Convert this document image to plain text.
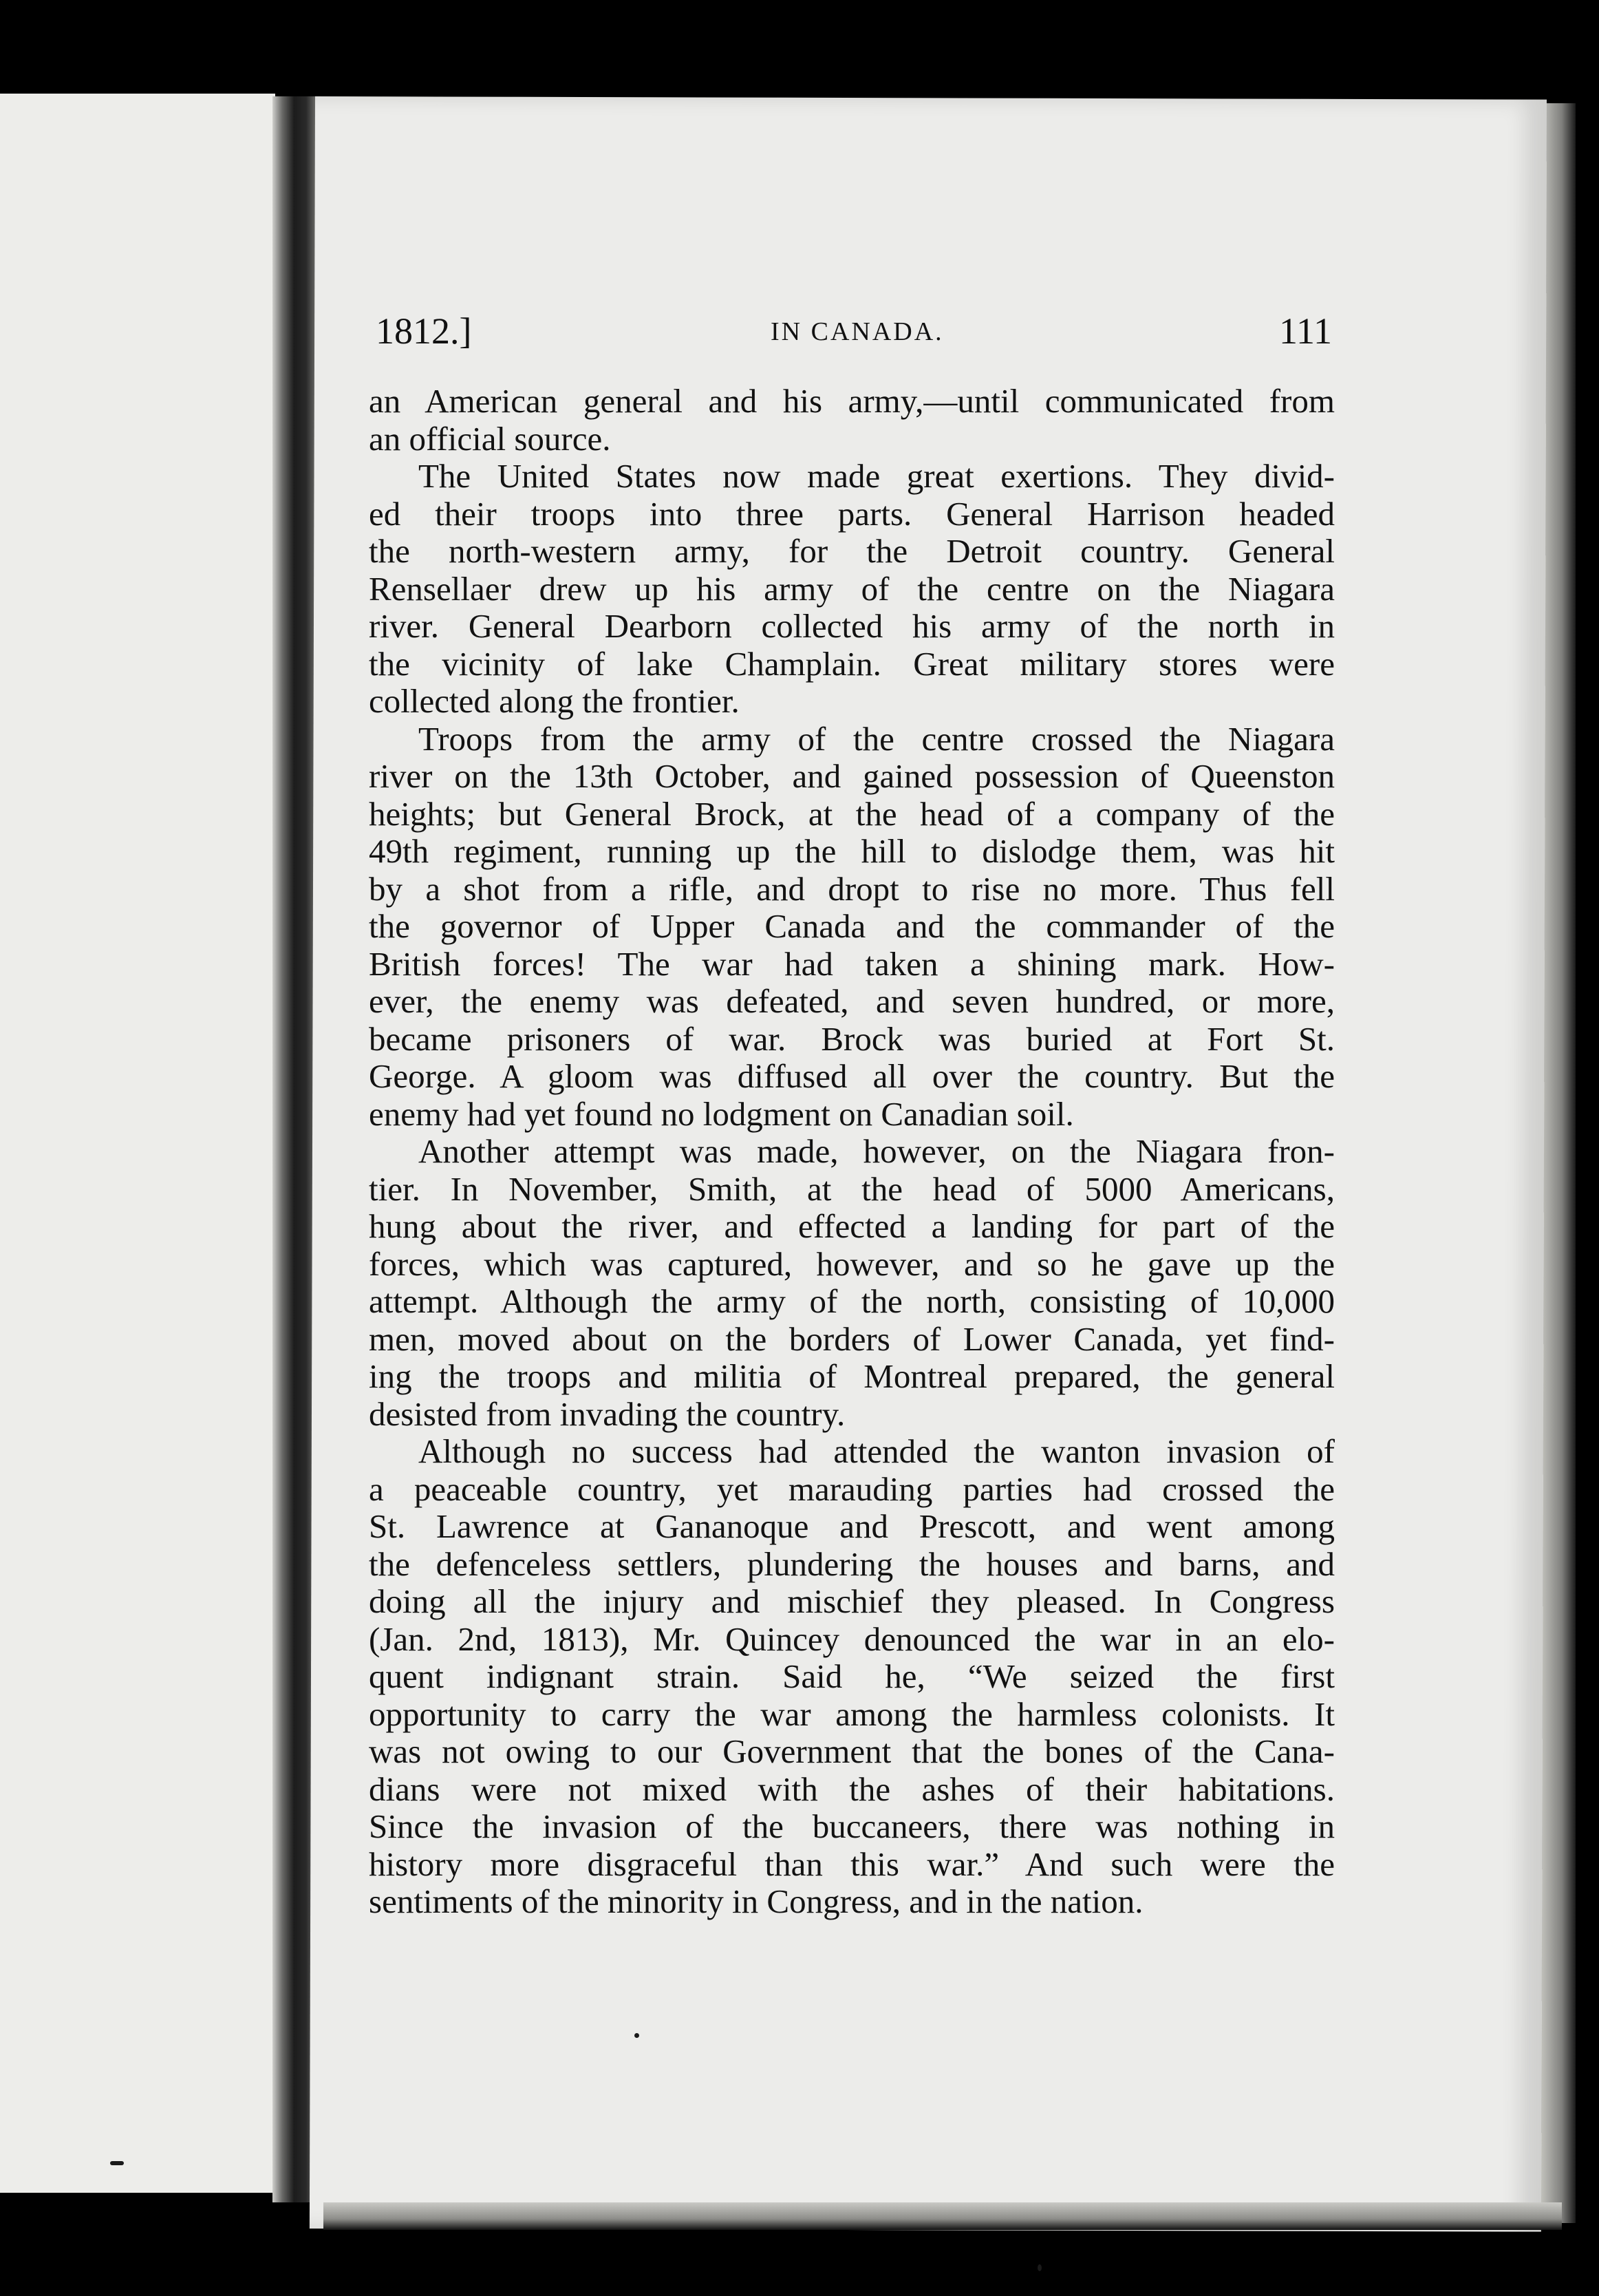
1812.]	IN CANADA.	111
an American general and his army,—until communicated from
an official source.
The United States now made great exertions. They divid-
ed their troops into three parts. General Harrison headed
the north-western army, for the Detroit country. General
Rensellaer drew up his army of the centre on the Niagara
river. General Dearborn collected his army of the north in
the vicinity of lake Champlain. Great military stores were
collected along the frontier.
Troops from the army of the centre crossed the Niagara
river on the 13th October, and gained possession of Queenston
heights; but General Brock, at the head of a company of the
49th regiment, running up the hill to dislodge them, was hit
by a shot from a rifle, and dropt to rise no more. Thus fell
the governor of Upper Canada and the commander of the
British forces! The war had taken a shining mark. How-
ever, the enemy was defeated, and seven hundred, or more,
became prisoners of war. Brock was buried at Fort St.
George. A gloom was diffused all over the country. But the
enemy had yet found no lodgment on Canadian soil.
Another attempt was made, however, on the Niagara fron-
tier. In November, Smith, at the head of 5000 Americans,
hung about the river, and effected a landing for part of the
forces, which was captured, however, and so he gave up the
attempt. Although the army of the north, consisting of 10,000
men, moved about on the borders of Lower Canada, yet find-
ing the troops and militia of Montreal prepared, the general
desisted from invading the country.
Although no success had attended the wanton invasion of
a peaceable country, yet marauding parties had crossed the
St. Lawrence at Gananoque and Prescott, and went among
the defenceless settlers, plundering the houses and barns, and
doing all the injury and mischief they pleased. In Congress
(Jan. 2nd, 1813), Mr. Quincey denounced the war in an elo-
quent indignant strain. Said he, “We seized the first
opportunity to carry the war among the harmless colonists. It
was not owing to our Government that the bones of the Cana-
dians were not mixed with the ashes of their habitations.
Since the invasion of the buccaneers, there was nothing in
history more disgraceful than this war.” And such were the
sentiments of the minority in Congress, and in the nation.
